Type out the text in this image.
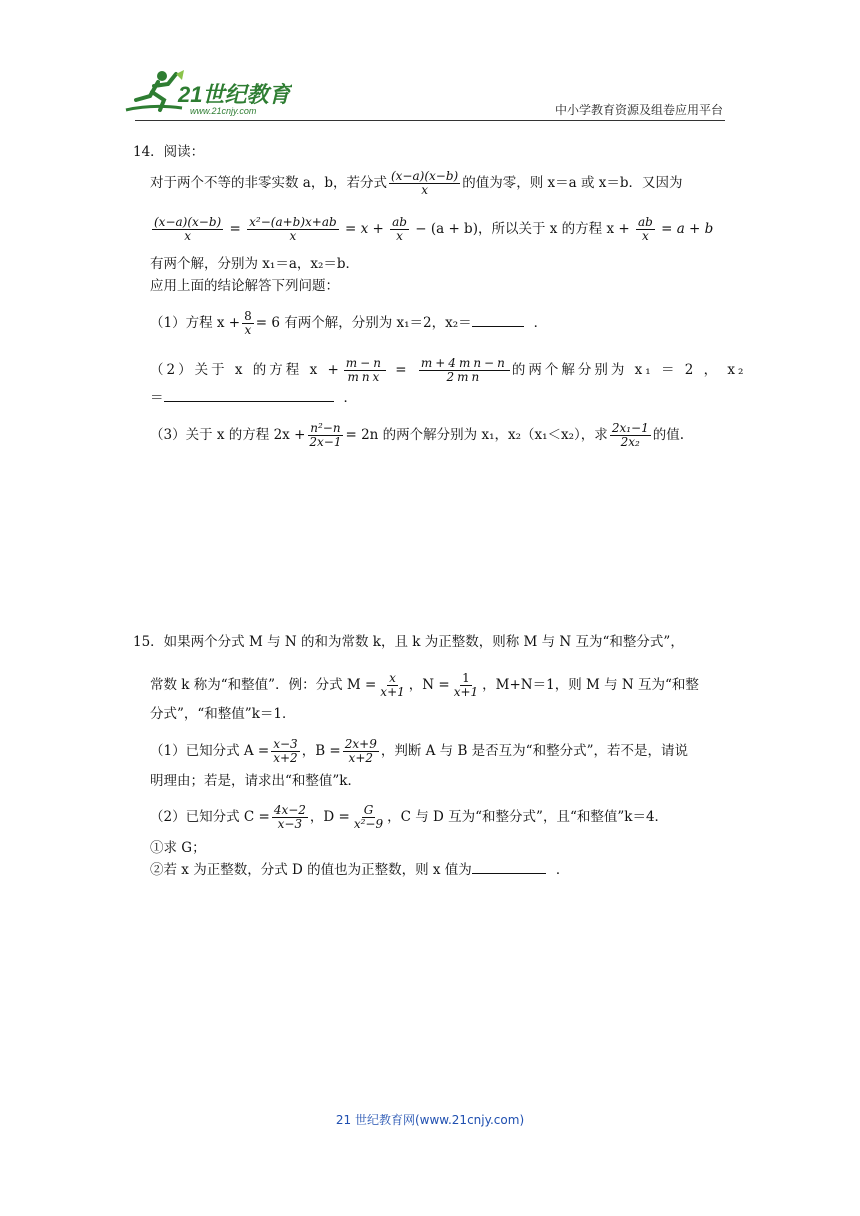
21世纪教育
www.21cnjy.com	中小学教育资源及组卷应用平台
14．阅读：
对于两个不等的非零实数 a，b，若分式 $\frac{(x-a)(x-b)}{x}$ 的值为零，则 x＝a 或 x＝b．又因为
$\frac{(x-a)(x-b)}{x} = \frac{\text{x²−(a+b)x+ab}}{x} = x + \frac{ab}{x} - (a + b)$，所以关于 x 的方程 $x + \frac{ab}{x} = a + b$
有两个解，分别为 x₁＝a，x₂＝b．
应用上面的结论解答下列问题：
（1）方程 $x + \frac{8}{x} = 6$ 有两个解，分别为 x₁＝2，x₂＝	．
（2）关于 x 的方程 $x + \frac{m-n}{\text{mnx}} = \frac{m+4mn-n}{2mn}$ 的两个解分别为 x₁ ＝ 2 ， x₂
＝	．
（3）关于 x 的方程 $2x + \frac{\text{n²−n}}{2x-1} = 2n$ 的两个解分别为 x₁，x₂（x₁＜x₂），求 $\frac{\text{2x₁−1}}{\text{2x₂}}$ 的值.
15．如果两个分式 M 与 N 的和为常数 k，且 k 为正整数，则称 M 与 N 互为“和整分式”，
常数 k 称为“和整值”．例：分式 $M = \frac{x}{x+1}$ ，$N = \frac{1}{x+1}$ ，M+N＝1，则 M 与 N 互为“和整
分式”，“和整值”k＝1．
（1）已知分式 $A = \frac{x-3}{x+2}$ ，$B = \frac{2x+9}{x+2}$ ，判断 A 与 B 是否互为“和整分式”，若不是，请说
明理由；若是，请求出“和整值”k．
（2）已知分式 $C = \frac{4x-2}{x-3}$ ，$D = \frac{G}{\text{x²−9}}$ ，C 与 D 互为“和整分式”，且“和整值”k＝4．
①求 G；
②若 x 为正整数，分式 D 的值也为正整数，则 x 值为	．
21 世纪教育网(www.21cnjy.com)
